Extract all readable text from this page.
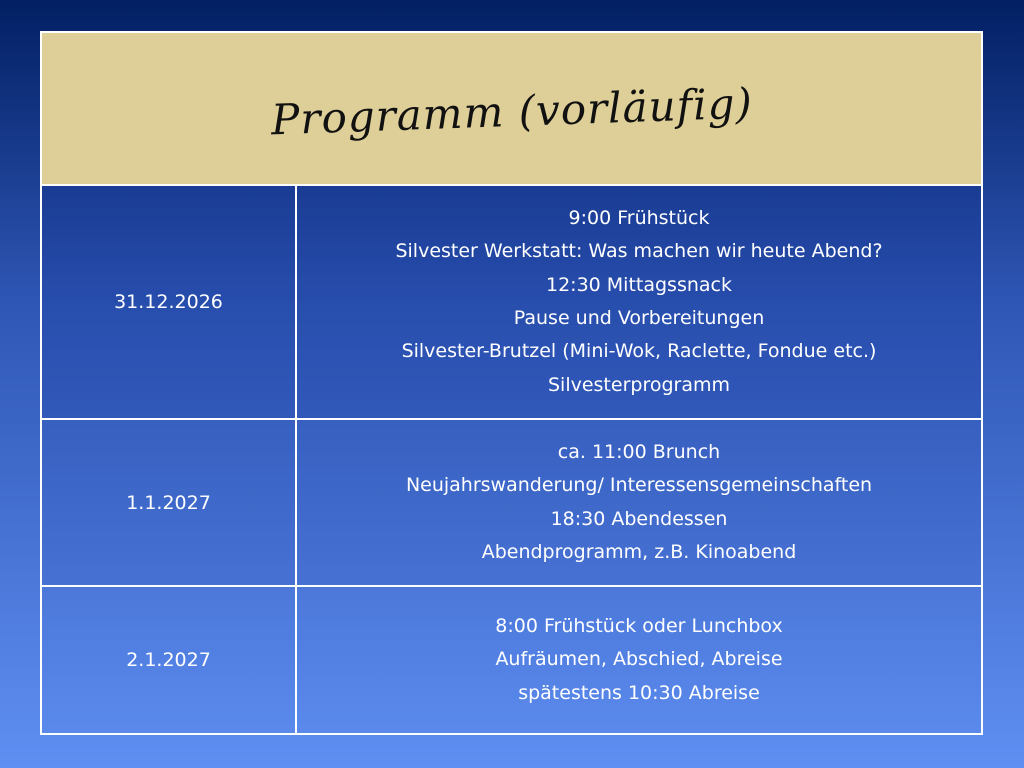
Programm (vorläufig)
31.12.2026
9:00 Frühstück
Silvester Werkstatt: Was machen wir heute Abend?
12:30 Mittagssnack
Pause und Vorbereitungen
Silvester-Brutzel (Mini-Wok, Raclette, Fondue etc.)
Silvesterprogramm
1.1.2027
ca. 11:00 Brunch
Neujahrswanderung/ Interessensgemeinschaften
18:30 Abendessen
Abendprogramm, z.B. Kinoabend
2.1.2027
8:00 Frühstück oder Lunchbox
Aufräumen, Abschied, Abreise
spätestens 10:30 Abreise
